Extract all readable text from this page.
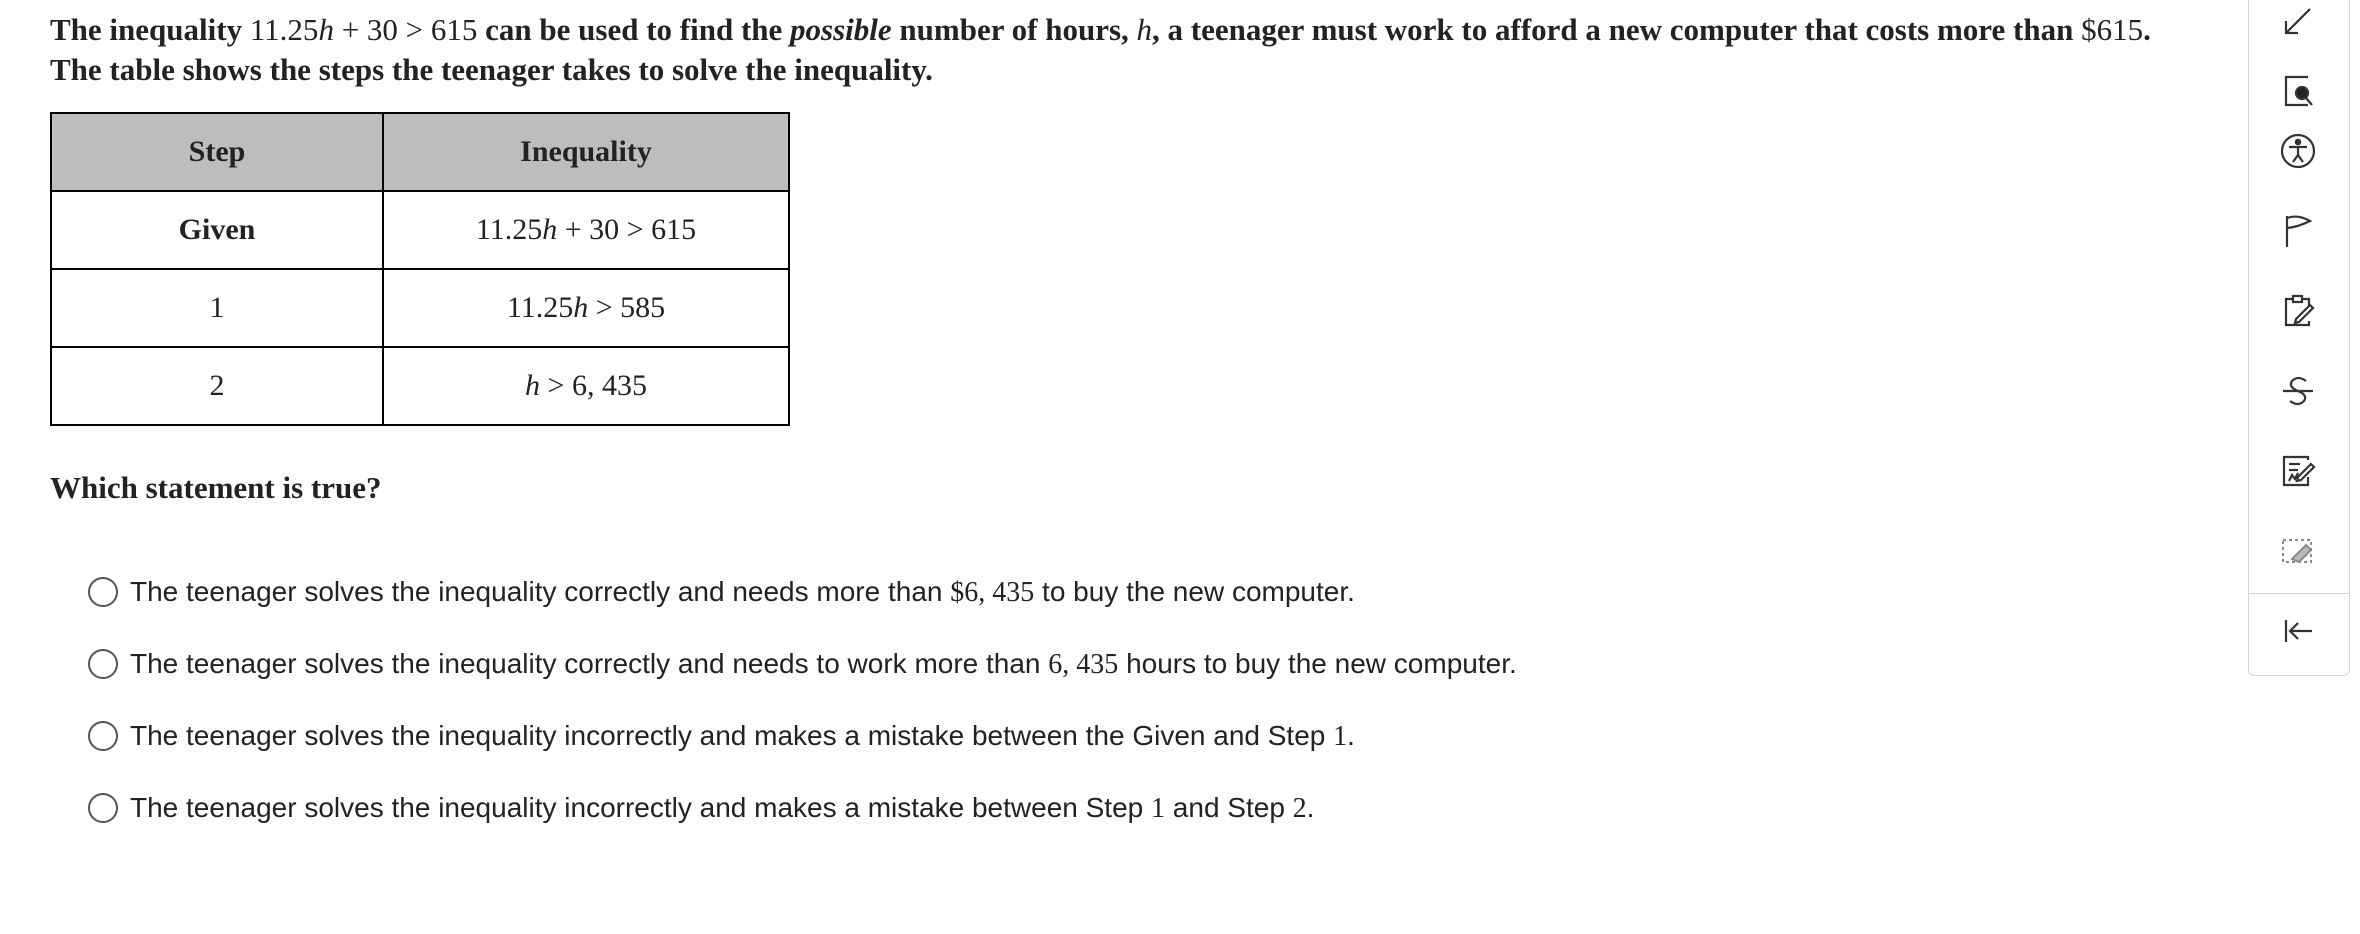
The inequality 11.25h + 30 > 615 can be used to find the possible number of hours, h, a teenager must work to afford a new computer that costs more than $615. The table shows the steps the teenager takes to solve the inequality.

Step	Inequality
Given	11.25h + 30 > 615
1	11.25h > 585
2	h > 6, 435
Which statement is true?
The teenager solves the inequality correctly and needs more than $6, 435 to buy the new computer.
The teenager solves the inequality correctly and needs to work more than 6, 435 hours to buy the new computer.
The teenager solves the inequality incorrectly and makes a mistake between the Given and Step 1.
The teenager solves the inequality incorrectly and makes a mistake between Step 1 and Step 2.
